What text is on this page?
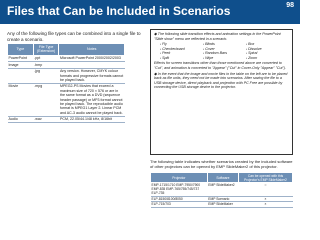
Files that Can be Included in Scenarios	98
Any of the following file types can be combined into a single file to create a scenario.
Type	File Type (Extension)	Notes
PowerPoint	.ppt	Microsoft PowerPoint 2000/2002/2003
Image	.bmp	
	.jpg	Any version. However, CMYK colour formats and progressive formats cannot be played back.
Movie	.mpg	MPEG2-PS Movies that exceed a maximum size of 720 × 576 or are in the same format as a DVD (sequence header passage) or MP3 format cannot be played back. The reproducible audio format is MPEG1 Layer 2. Linear PCM and AC-3 audio cannot be played back.
Audio	.wav	PCM, 22.05/44.1/48 kHz, 8/16bit

◆ The following slide transition effects and animation settings in the PowerPoint "Slide show" menu are reflected in a scenario.

• Fly	• Blinds	• Box
• Checkerboard	• Cover	• Dissolve
• Peek	• Random Bars	• Spiral
• Split	• Wipe	• Zoom

Effects for screen transitions other than those mentioned above are converted to "Cut", and animation is converted to "Appear" ("Cut" in Cover-Only "Appear" "Cut").

◆ In the event that the image and movie files in the table on the left are to be placed back as file units, they need not be made into scenarios. After saving the file to a USB storage device, direct playback and projection with PC Free are possible by connecting the USB storage device to the projector.

The following table indicates whether scenarios created by the included software of other projectors can be opened by EMP SlideMaker2 of this projector.
Projector	Software	Can be opened with this Projector's EMP SlideMaker2
EMP-1715/1710 EMP-7950/7900 EMP-835 EMP-765/755/745/737 ELP-735	EMP SlideMaker2	○
ELP-8150/8100/8050	EMP Scenario	×
ELP-715/703	EMP SlideMaker	×
